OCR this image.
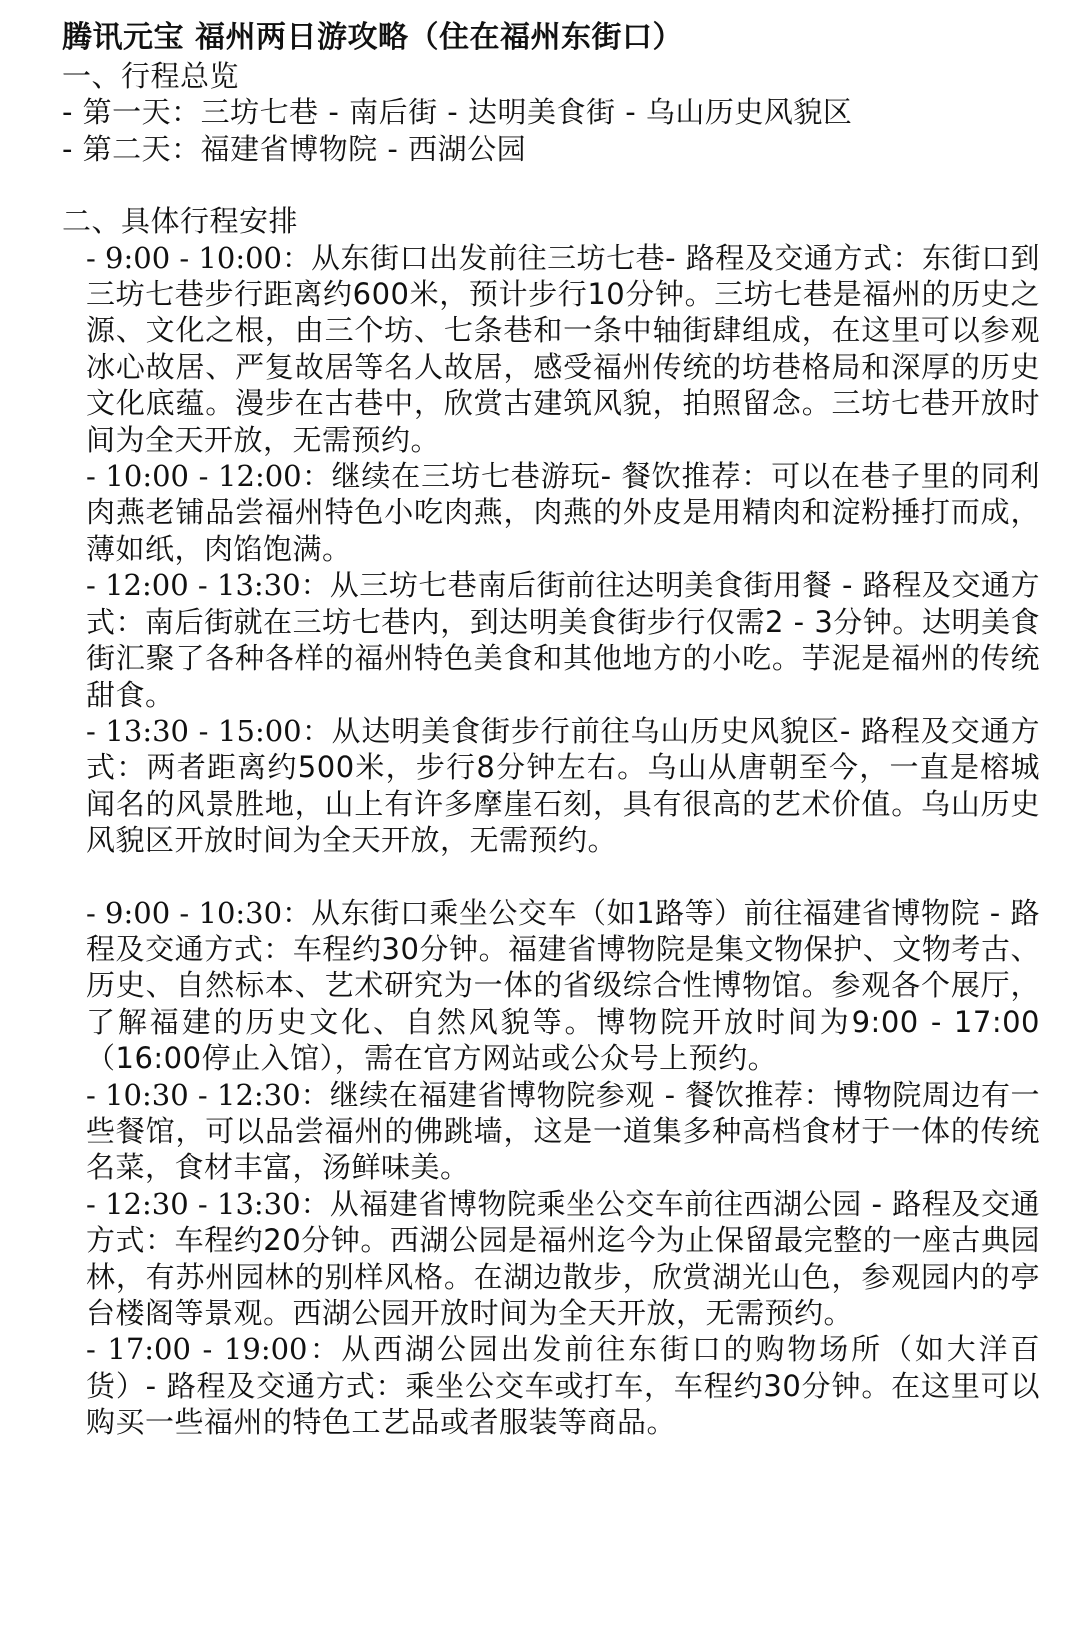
腾讯元宝 福州两日游攻略（住在福州东街口）
一、行程总览
- 第一天：三坊七巷 - 南后街 - 达明美食街 - 乌山历史风貌区
- 第二天：福建省博物院 - 西湖公园
二、具体行程安排
- 9:00 - 10:00：从东街口出发前往三坊七巷- 路程及交通方式：东街口到三坊七巷步行距离约600米，预计步行10分钟。三坊七巷是福州的历史之源、文化之根，由三个坊、七条巷和一条中轴街肆组成，在这里可以参观冰心故居、严复故居等名人故居，感受福州传统的坊巷格局和深厚的历史文化底蕴。漫步在古巷中，欣赏古建筑风貌，拍照留念。三坊七巷开放时间为全天开放，无需预约。
- 10:00 - 12:00：继续在三坊七巷游玩- 餐饮推荐：可以在巷子里的同利肉燕老铺品尝福州特色小吃肉燕，肉燕的外皮是用精肉和淀粉捶打而成，薄如纸，肉馅饱满。
- 12:00 - 13:30：从三坊七巷南后街前往达明美食街用餐 - 路程及交通方式：南后街就在三坊七巷内，到达明美食街步行仅需2 - 3分钟。达明美食街汇聚了各种各样的福州特色美食和其他地方的小吃。芋泥是福州的传统甜食。
- 13:30 - 15:00：从达明美食街步行前往乌山历史风貌区- 路程及交通方式：两者距离约500米，步行8分钟左右。乌山从唐朝至今，一直是榕城闻名的风景胜地，山上有许多摩崖石刻，具有很高的艺术价值。乌山历史风貌区开放时间为全天开放，无需预约。
- 9:00 - 10:30：从东街口乘坐公交车（如1路等）前往福建省博物院 - 路程及交通方式：车程约30分钟。福建省博物院是集文物保护、文物考古、历史、自然标本、艺术研究为一体的省级综合性博物馆。参观各个展厅，了解福建的历史文化、自然风貌等。博物院开放时间为9:00 - 17:00（16:00停止入馆），需在官方网站或公众号上预约。
- 10:30 - 12:30：继续在福建省博物院参观 - 餐饮推荐：博物院周边有一些餐馆，可以品尝福州的佛跳墙，这是一道集多种高档食材于一体的传统名菜，食材丰富，汤鲜味美。
- 12:30 - 13:30：从福建省博物院乘坐公交车前往西湖公园 - 路程及交通方式：车程约20分钟。西湖公园是福州迄今为止保留最完整的一座古典园林，有苏州园林的别样风格。在湖边散步，欣赏湖光山色，参观园内的亭台楼阁等景观。西湖公园开放时间为全天开放，无需预约。
- 17:00 - 19:00：从西湖公园出发前往东街口的购物场所（如大洋百货）- 路程及交通方式：乘坐公交车或打车，车程约30分钟。在这里可以购买一些福州的特色工艺品或者服装等商品。
